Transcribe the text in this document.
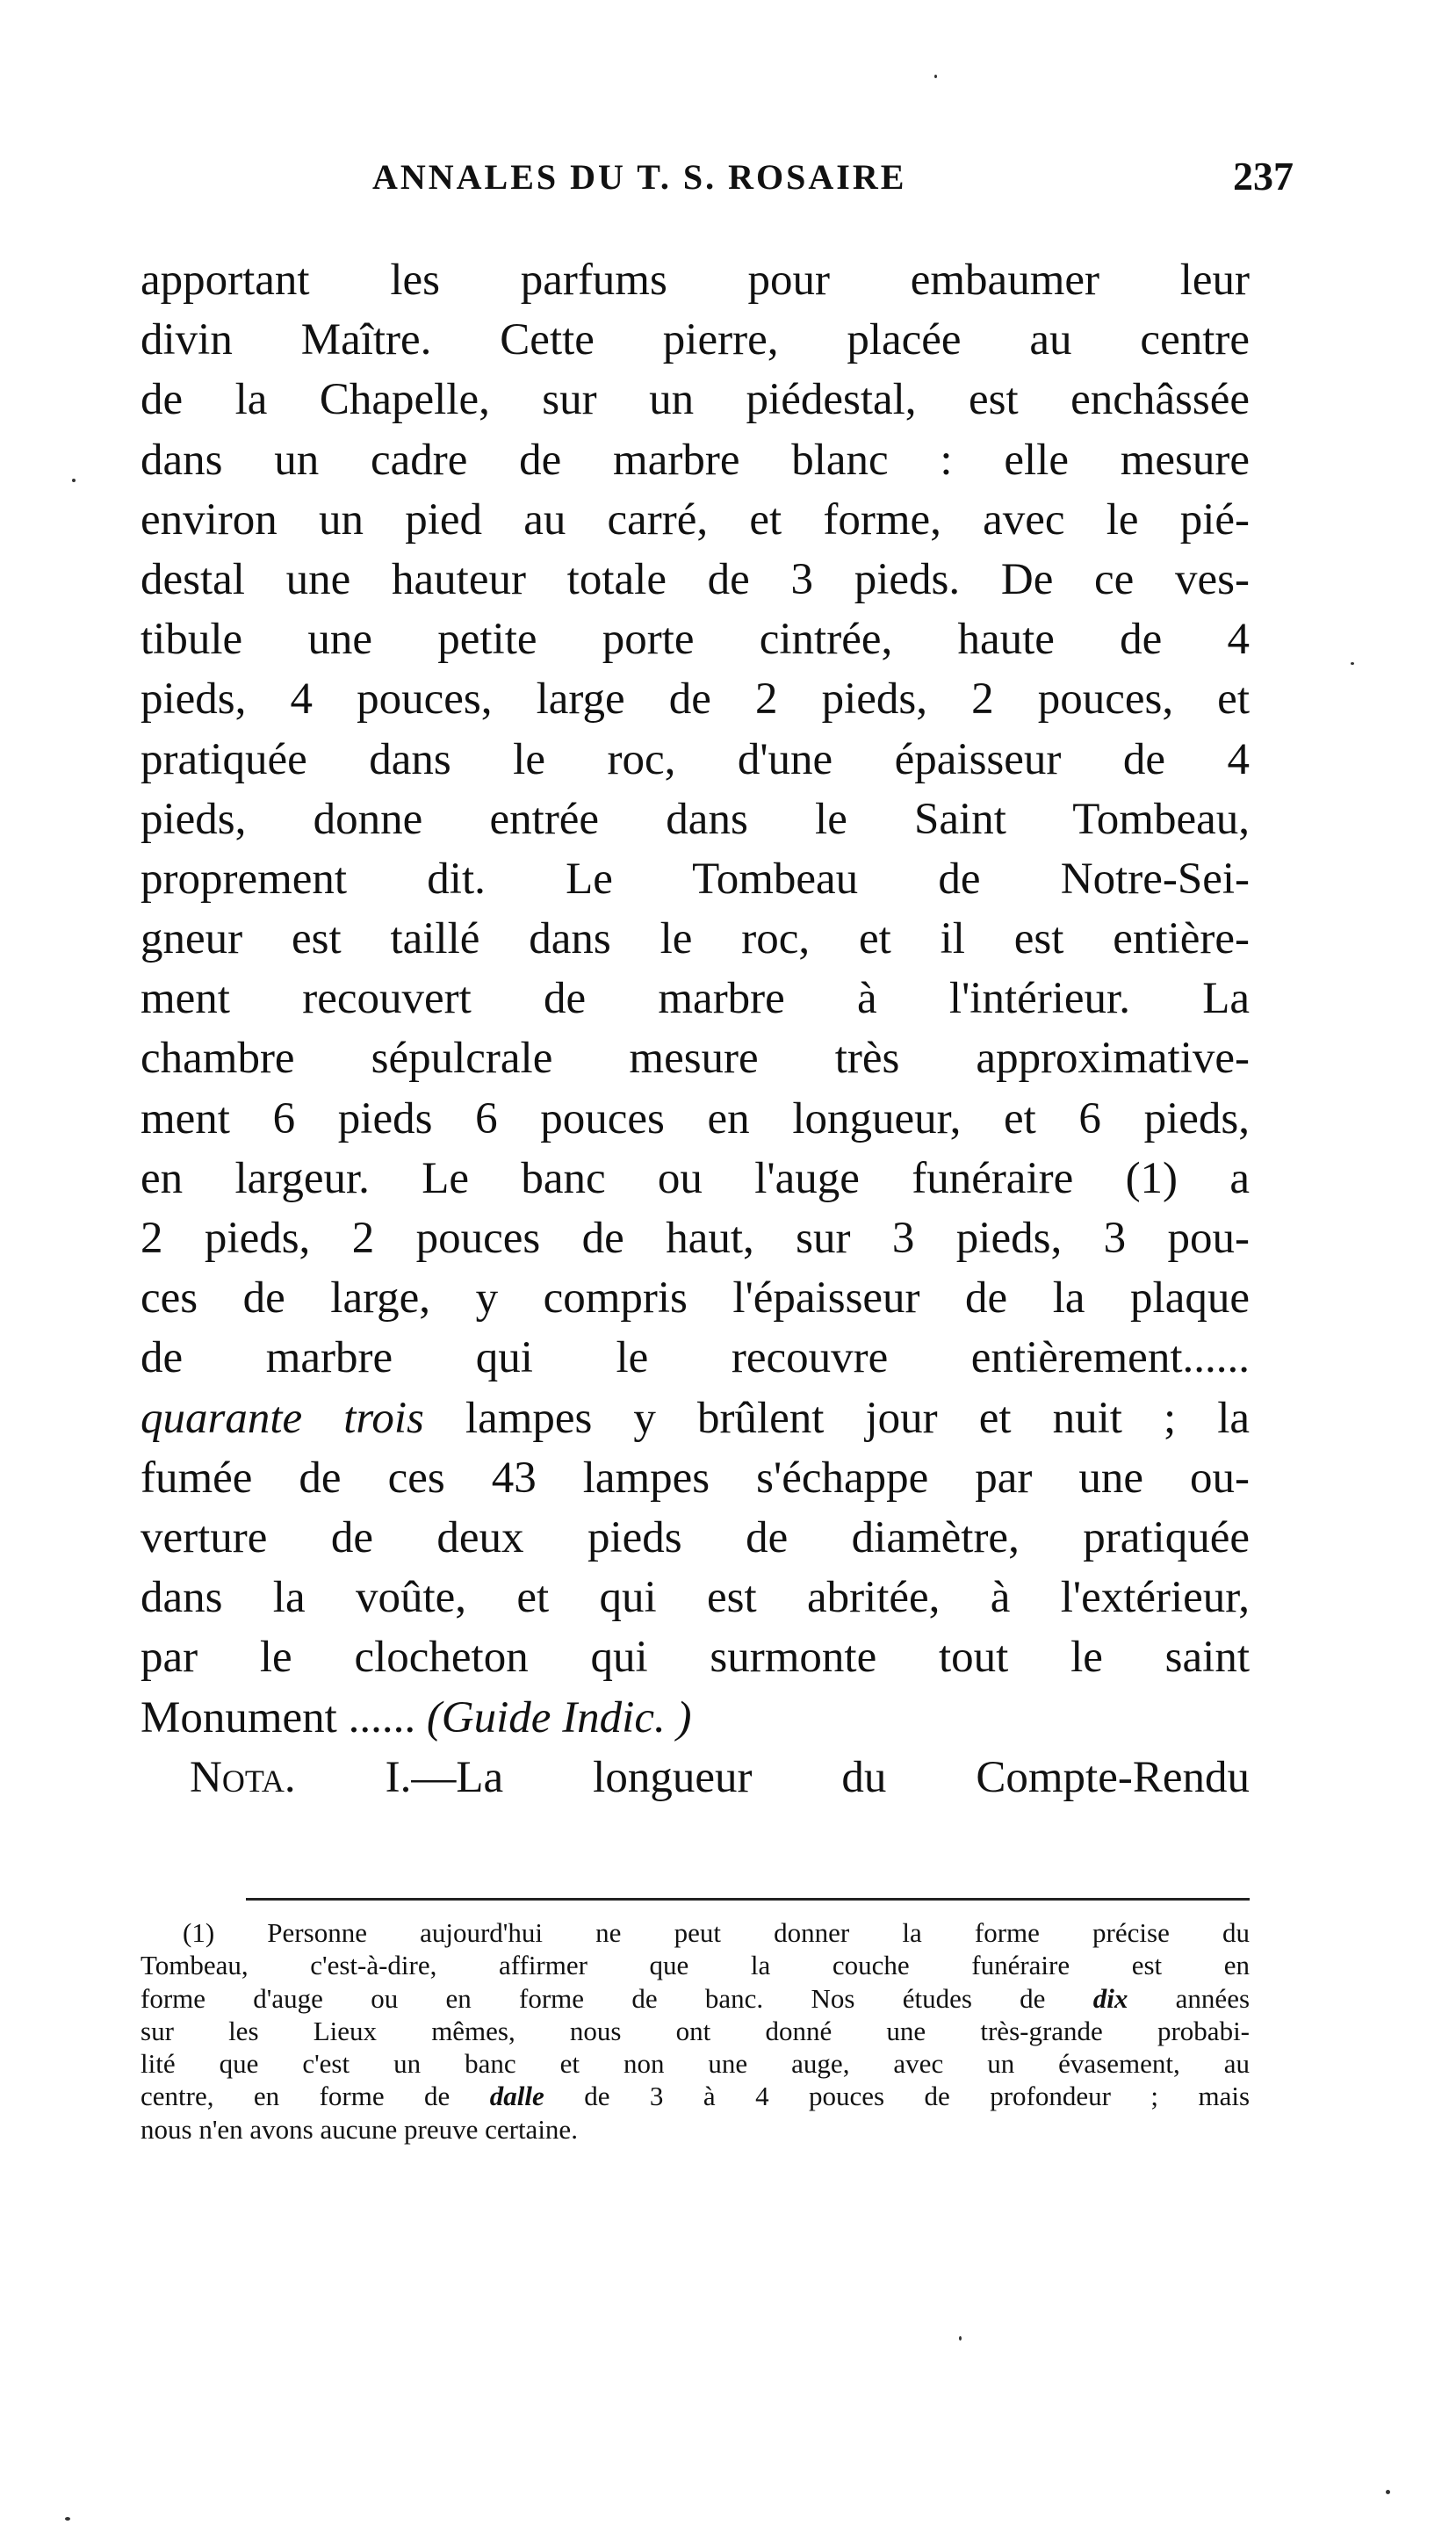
ANNALES DU T. S. ROSAIRE	237
apportant les parfums pour embaumer leur
divin Maître. Cette pierre, placée au centre
de la Chapelle, sur un piédestal, est enchâssée
dans un cadre de marbre blanc : elle mesure
environ un pied au carré, et forme, avec le pié-
destal une hauteur totale de 3 pieds. De ce ves-
tibule une petite porte cintrée, haute de 4
pieds, 4 pouces, large de 2 pieds, 2 pouces, et
pratiquée dans le roc, d'une épaisseur de 4
pieds, donne entrée dans le Saint Tombeau,
proprement dit. Le Tombeau de Notre-Sei-
gneur est taillé dans le roc, et il est entière-
ment recouvert de marbre à l'intérieur. La
chambre sépulcrale mesure très approximative-
ment 6 pieds 6 pouces en longueur, et 6 pieds,
en largeur. Le banc ou l'auge funéraire (1) a
2 pieds, 2 pouces de haut, sur 3 pieds, 3 pou-
ces de large, y compris l'épaisseur de la plaque
de marbre qui le recouvre entièrement......
quarante trois lampes y brûlent jour et nuit ; la
fumée de ces 43 lampes s'échappe par une ou-
verture de deux pieds de diamètre, pratiquée
dans la voûte, et qui est abritée, à l'extérieur,
par le clocheton qui surmonte tout le saint
Monument ...... (Guide Indic. )
Nota. I.—La longueur du Compte-Rendu
(1) Personne aujourd'hui ne peut donner la forme précise du
Tombeau, c'est-à-dire, affirmer que la couche funéraire est en
forme d'auge ou en forme de banc. Nos études de dix années
sur les Lieux mêmes, nous ont donné une très-grande probabi-
lité que c'est un banc et non une auge, avec un évasement, au
centre, en forme de dalle de 3 à 4 pouces de profondeur ; mais
nous n'en avons aucune preuve certaine.
